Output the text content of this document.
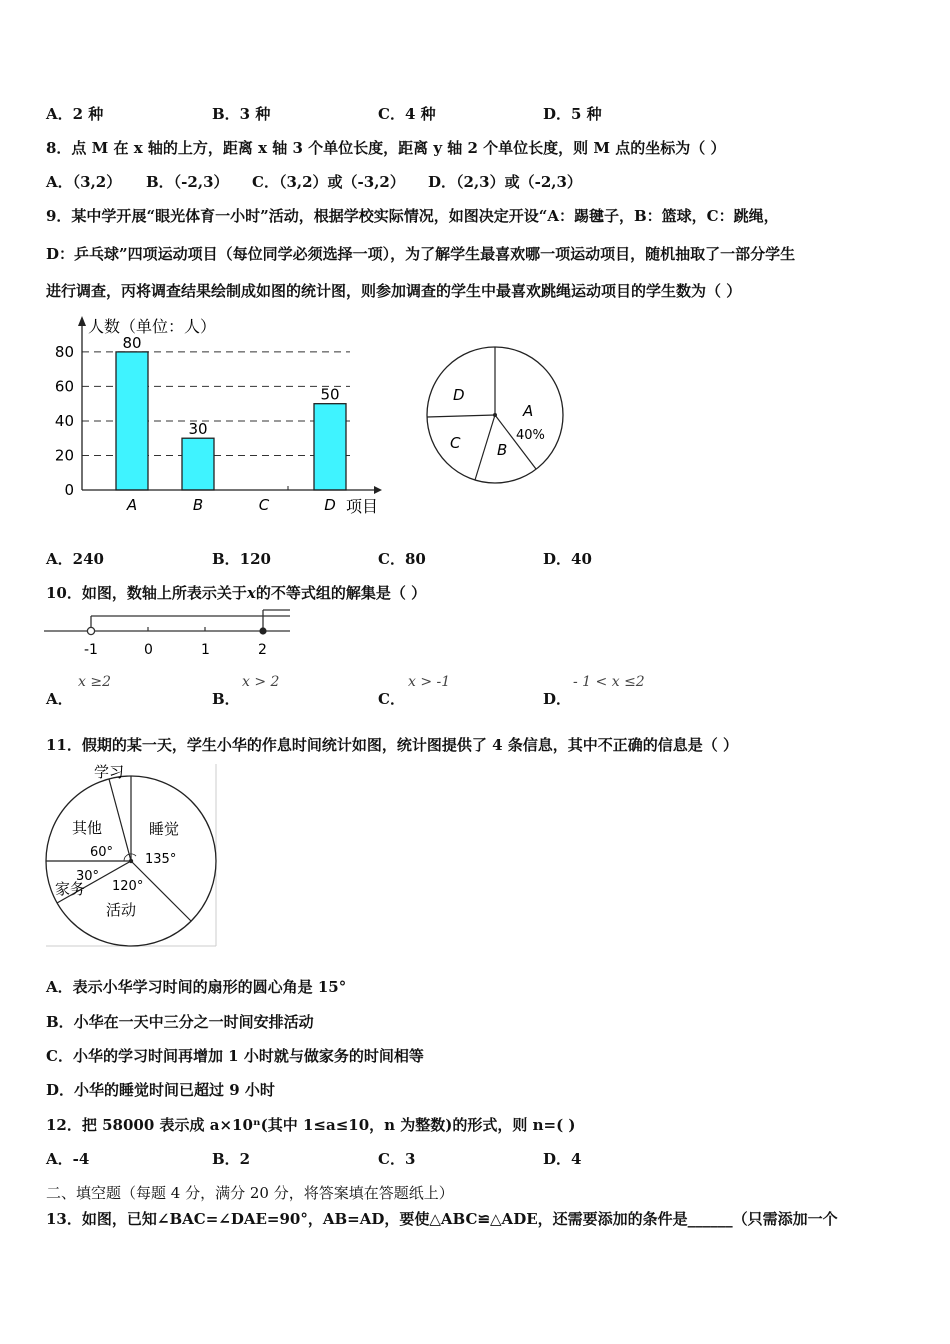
A．2 种	B．3 种	C．4 种	D．5 种
8．点 M 在 x 轴的上方，距离 x 轴 3 个单位长度，距离 y 轴 2 个单位长度，则 M 点的坐标为（ ）
A．（3,2） B．（-2,3） C．（3,2）或（-3,2） D．（2,3）或（-2,3）
9．某中学开展“眼光体育一小时”活动，根据学校实际情况，如图决定开设“A：踢毽子，B：篮球，C：跳绳，
D：乒乓球”四项运动项目（每位同学必须选择一项），为了解学生最喜欢哪一项运动项目，随机抽取了一部分学生
进行调查，丙将调查结果绘制成如图的统计图，则参加调查的学生中最喜欢跳绳运动项目的学生数为（ ）
80
30
50
0
20
40
60
80
A	B	C	D
人数（单位：人）
项目
A
40%
B
C
D
A．240	B．120	C．80	D．40
10．如图，数轴上所表示关于x的不等式组的解集是（ ）
-1	0	1	2
A．
x ≥2
B．
x > 2
C．
x > -1
D．
- 1 < x ≤2
11．假期的某一天，学生小华的作息时间统计如图，统计图提供了 4 条信息，其中不正确的信息是（ ）
学习
睡觉
活动
家务
其他
135°
120°
30°
60°
A．表示小华学习时间的扇形的圆心角是 15°
B．小华在一天中三分之一时间安排活动
C．小华的学习时间再增加 1 小时就与做家务的时间相等
D．小华的睡觉时间已超过 9 小时
12．把 58000 表示成 a×10ⁿ(其中 1≤a≤10，n 为整数)的形式，则 n=( )
A．-4	B．2	C．3	D．4
二、填空题（每题 4 分，满分 20 分，将答案填在答题纸上）
13．如图，已知∠BAC=∠DAE=90°，AB=AD，要使△ABC≌△ADE，还需要添加的条件是______（只需添加一个
